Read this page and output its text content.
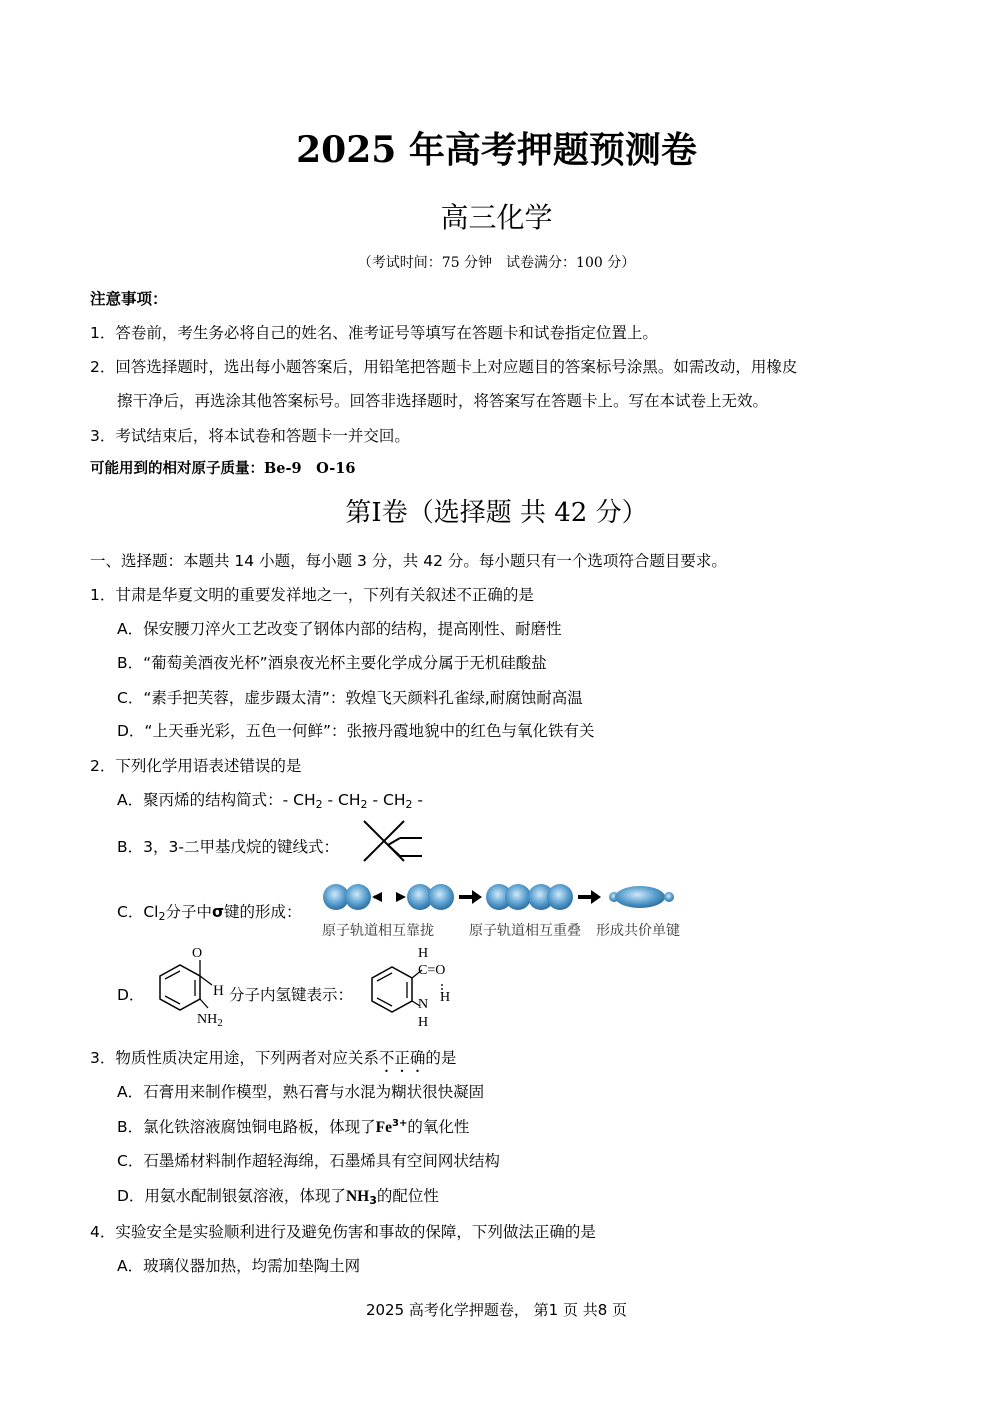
2025 年高考押题预测卷
高三化学
（考试时间：75 分钟　试卷满分：100 分）
注意事项：
1．答卷前，考生务必将自己的姓名、准考证号等填写在答题卡和试卷指定位置上。
2．回答选择题时，选出每小题答案后，用铅笔把答题卡上对应题目的答案标号涂黑。如需改动，用橡皮
擦干净后，再选涂其他答案标号。回答非选择题时，将答案写在答题卡上。写在本试卷上无效。
3．考试结束后，将本试卷和答题卡一并交回。
可能用到的相对原子质量：Be-9　O-16
第I卷（选择题 共 42 分）
一、选择题：本题共 14 小题，每小题 3 分，共 42 分。每小题只有一个选项符合题目要求。
1．甘肃是华夏文明的重要发祥地之一，下列有关叙述不正确的是
A．保安腰刀淬火工艺改变了钢体内部的结构，提高刚性、耐磨性
B．“葡萄美酒夜光杯”酒泉夜光杯主要化学成分属于无机硅酸盐
C．“素手把芙蓉，虚步蹑太清”：敦煌飞天颜料孔雀绿,耐腐蚀耐高温
D．“上天垂光彩，五色一何鲜”：张掖丹霞地貌中的红色与氧化铁有关
2．下列化学用语表述错误的是
A．聚丙烯的结构简式：- $CH_2 - CH_2 - CH_2$ -
B．3，3-二甲基戊烷的键线式：
C．$Cl_2$分子中σ键的形成：
原子轨道相互靠拢	原子轨道相互重叠 形成共价单键
D．
O
H
$NH_2$
分子内氢键表示：
H
C=O
N H
H
3．物质性质决定用途，下列两者对应关系不正确的是
A．石膏用来制作模型，熟石膏与水混为糊状很快凝固
B．氯化铁溶液腐蚀铜电路板，体现了$Fe^{3+}$的氧化性
C．石墨烯材料制作超轻海绵，石墨烯具有空间网状结构
D．用氨水配制银氨溶液，体现了$NH_3$的配位性
4．实验安全是实验顺利进行及避免伤害和事故的保障，下列做法正确的是
A．玻璃仪器加热，均需加垫陶土网
2025 高考化学押题卷， 第1 页 共8 页
